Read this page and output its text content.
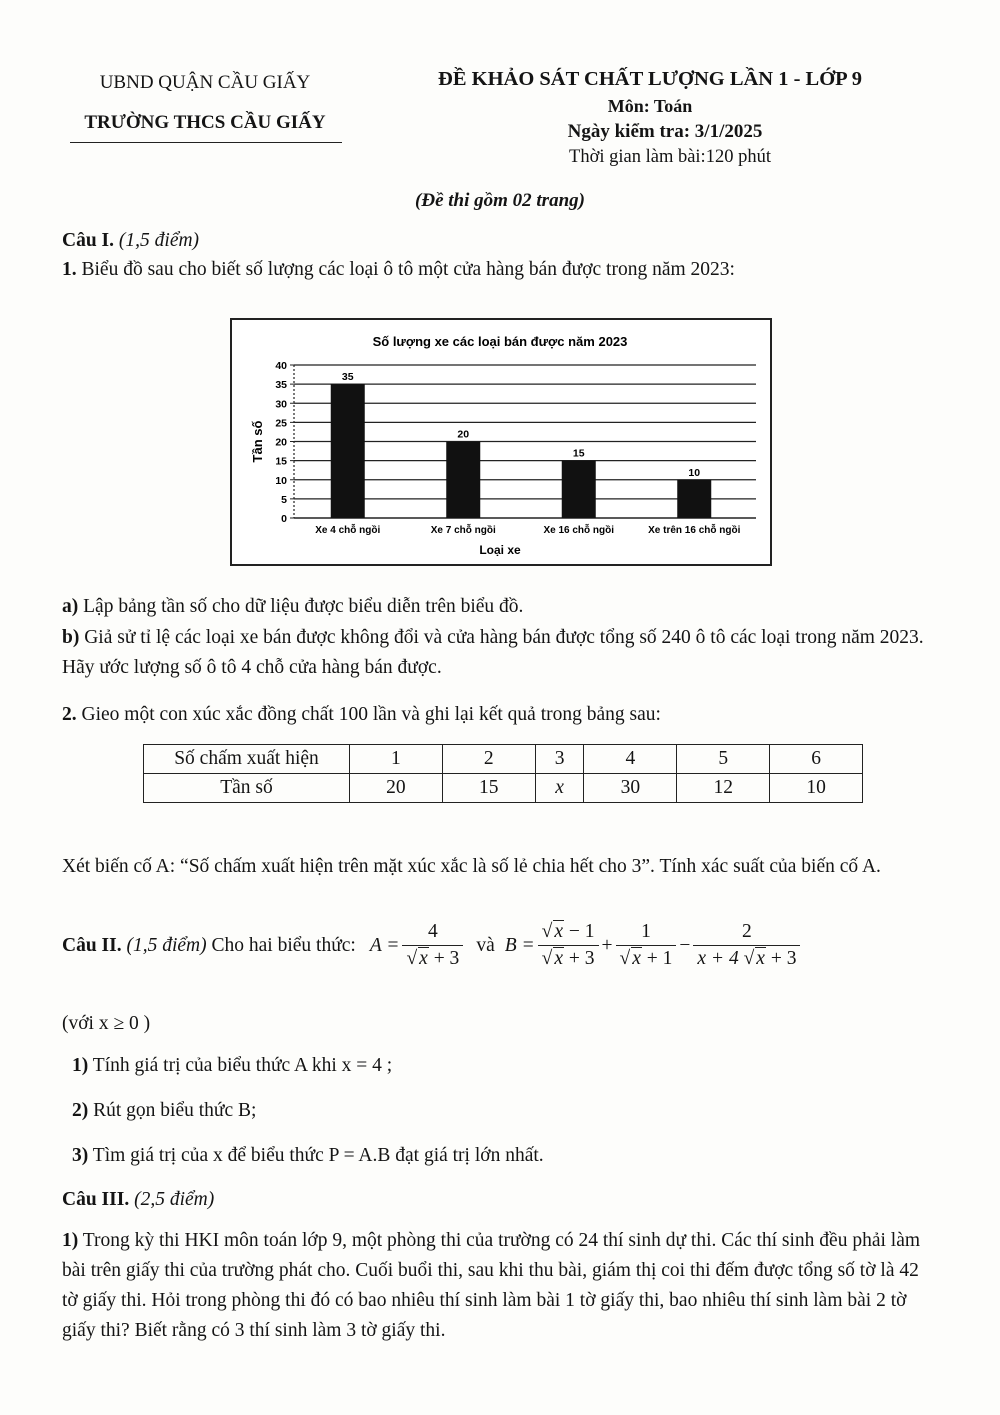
UBND QUẬN CẦU GIẤY
TRƯỜNG THCS CẦU GIẤY
ĐỀ KHẢO SÁT CHẤT LƯỢNG LẦN 1 - LỚP 9
Môn: Toán
Ngày kiểm tra: 3/1/2025
Thời gian làm bài:120 phút
(Đề thi gồm 02 trang)
Câu I. (1,5 điểm)
1. Biểu đồ sau cho biết số lượng các loại ô tô một cửa hàng bán được trong năm 2023:
Số lượng xe các loại bán được năm 2023
0
5
10
15
20
25
30
35
40
Tần số
35
Xe 4 chỗ ngồi
20
Xe 7 chỗ ngồi
15
Xe 16 chỗ ngồi
10
Xe trên 16 chỗ ngồi
Loại xe
a) Lập bảng tần số cho dữ liệu được biểu diễn trên biểu đồ.
b) Giả sử tỉ lệ các loại xe bán được không đổi và cửa hàng bán được tổng số 240 ô tô các loại trong năm 2023. Hãy ước lượng số ô tô 4 chỗ cửa hàng bán được.
2. Gieo một con xúc xắc đồng chất 100 lần và ghi lại kết quả trong bảng sau:
Số chấm xuất hiện	1	2	3	4	5	6
Tần số	20	15	x	30	12	10
Xét biến cố A: “Số chấm xuất hiện trên mặt xúc xắc là số lẻ chia hết cho 3”. Tính xác suất của biến cố A.
Câu II.
(1,5 điểm)
Cho hai biểu thức: $A = \frac{4}{√ x + 3}$ và $B = \frac{√ x - 1}{√ x + 3} + \frac{1}{√ x + 1} - \frac{2}{x + 4 √ x + 3}$
(với x ≥ 0 )
1) Tính giá trị của biểu thức A khi x = 4 ;
2) Rút gọn biểu thức B;
3) Tìm giá trị của x để biểu thức P = A.B đạt giá trị lớn nhất.
Câu III. (2,5 điểm)
1) Trong kỳ thi HKI môn toán lớp 9, một phòng thi của trường có 24 thí sinh dự thi. Các thí sinh đều phải làm bài trên giấy thi của trường phát cho. Cuối buổi thi, sau khi thu bài, giám thị coi thi đếm được tổng số tờ là 42 tờ giấy thi. Hỏi trong phòng thi đó có bao nhiêu thí sinh làm bài 1 tờ giấy thi, bao nhiêu thí sinh làm bài 2 tờ giấy thi? Biết rằng có 3 thí sinh làm 3 tờ giấy thi.
